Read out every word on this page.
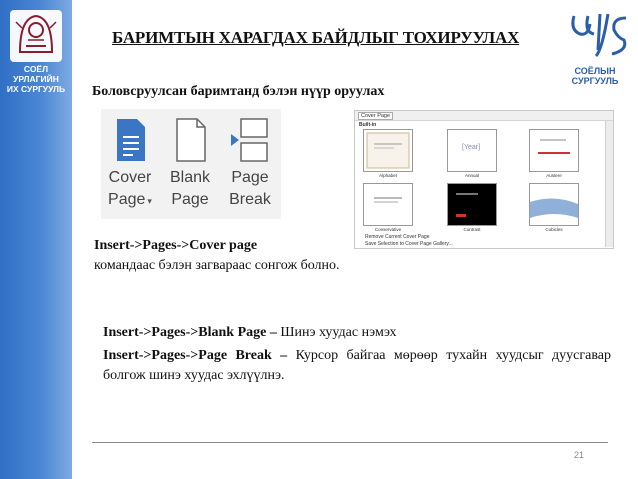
СОЁЛ УРЛАГИЙН
ИХ СУРГУУЛЬ
БАРИМТЫН ХАРАГДАХ БАЙДЛЫГ ТОХИРУУЛАХ
СОЁЛЫН СУРГУУЛЬ
Боловсруулсан баримтанд бэлэн нүүр оруулах
Cover
Page ▾
Blank
Page
Page
Break
Cover Page
Built-in
Alphabet
[Year]
Annual	Austere
Conservative	Contrast	Cubicles
Remove Current Cover Page
Save Selection to Cover Page Gallery...
Insert->Pages->Cover page
командаас бэлэн загвараас сонгож болно.
Insert->Pages->Blank Page – Шинэ хуудас нэмэх
Insert->Pages->Page Break – Курсор байгаа мөрөөр тухайн хуудсыг дуусгавар болгож шинэ хуудас эхлүүлнэ.
21
